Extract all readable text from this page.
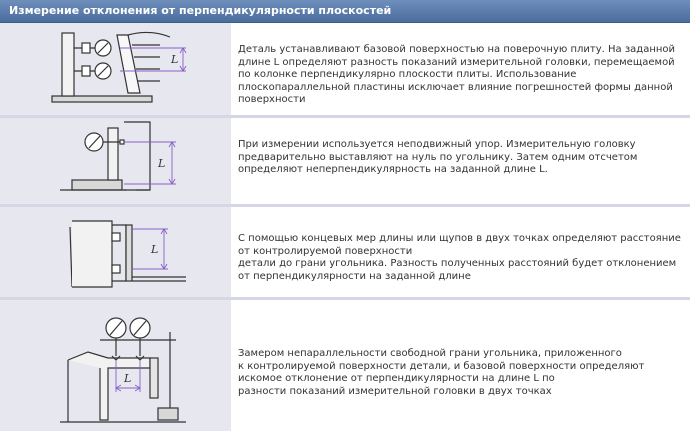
Измерение отклонения от перпендикулярности плоскостей
L

Деталь устанавливают базовой поверхностью на поверочную плиту. На заданной длине L определяют разность показаний измерительной головки, перемещаемой по колонке перпендикулярно плоскости плиты. Использование плоскопараллельной пластины исключает влияние погрешностей формы данной поверхности

L

При измерении используется неподвижный упор. Измерительную головку предварительно выставляют на нуль по угольнику. Затем одним отсчетом определяют неперпендикулярность на заданной длине L.

L

С помощью концевых мер длины или щупов в двух точках определяют расстояние от контролируемой поверхности
детали до грани угольника. Разность полученных расстояний будет отклонением от перпендикулярности на заданной длине

L

Замером непараллельности свободной грани угольника, приложенного
к контролируемой поверхности детали, и базовой поверхности определяют искомое отклонение от перпендикулярности на длине L по
разности показаний измерительной головки в двух точках
